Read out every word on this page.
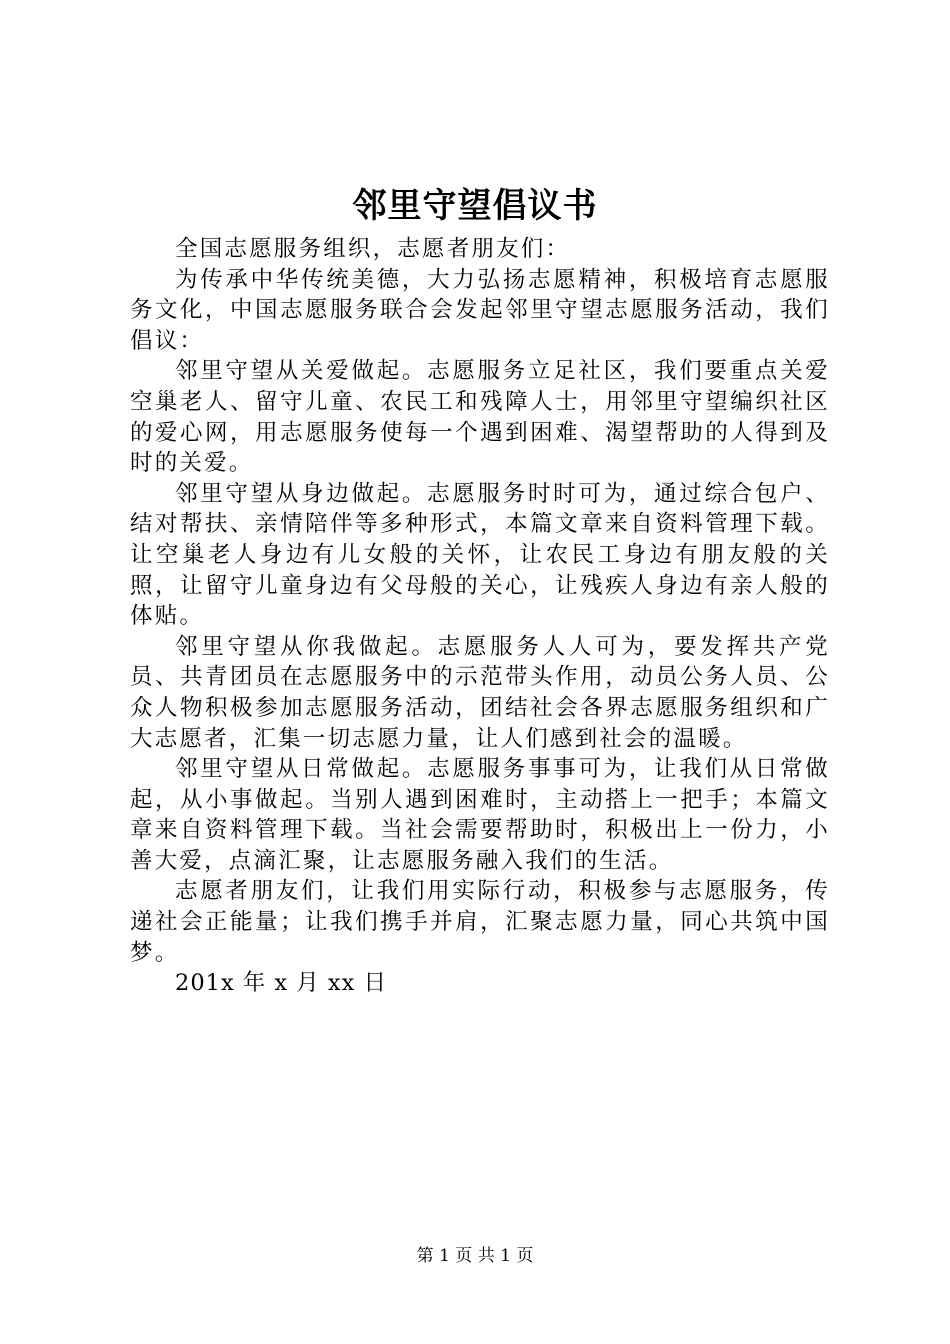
邻里守望倡议书

全国志愿服务组织，志愿者朋友们：

为传承中华传统美德，大力弘扬志愿精神，积极培育志愿服务文化，中国志愿服务联合会发起邻里守望志愿服务活动，我们倡议：

邻里守望从关爱做起。志愿服务立足社区，我们要重点关爱空巢老人、留守儿童、农民工和残障人士，用邻里守望编织社区的爱心网，用志愿服务使每一个遇到困难、渴望帮助的人得到及时的关爱。

邻里守望从身边做起。志愿服务时时可为，通过综合包户、结对帮扶、亲情陪伴等多种形式，本篇文章来自资料管理下载。让空巢老人身边有儿女般的关怀，让农民工身边有朋友般的关照，让留守儿童身边有父母般的关心，让残疾人身边有亲人般的体贴。

邻里守望从你我做起。志愿服务人人可为，要发挥共产党员、共青团员在志愿服务中的示范带头作用，动员公务人员、公众人物积极参加志愿服务活动，团结社会各界志愿服务组织和广大志愿者，汇集一切志愿力量，让人们感到社会的温暖。

邻里守望从日常做起。志愿服务事事可为，让我们从日常做起，从小事做起。当别人遇到困难时，主动搭上一把手；本篇文章来自资料管理下载。当社会需要帮助时，积极出上一份力，小善大爱，点滴汇聚，让志愿服务融入我们的生活。

志愿者朋友们，让我们用实际行动，积极参与志愿服务，传递社会正能量；让我们携手并肩，汇聚志愿力量，同心共筑中国梦。

201x 年 x 月 xx 日

第 1 页 共 1 页
